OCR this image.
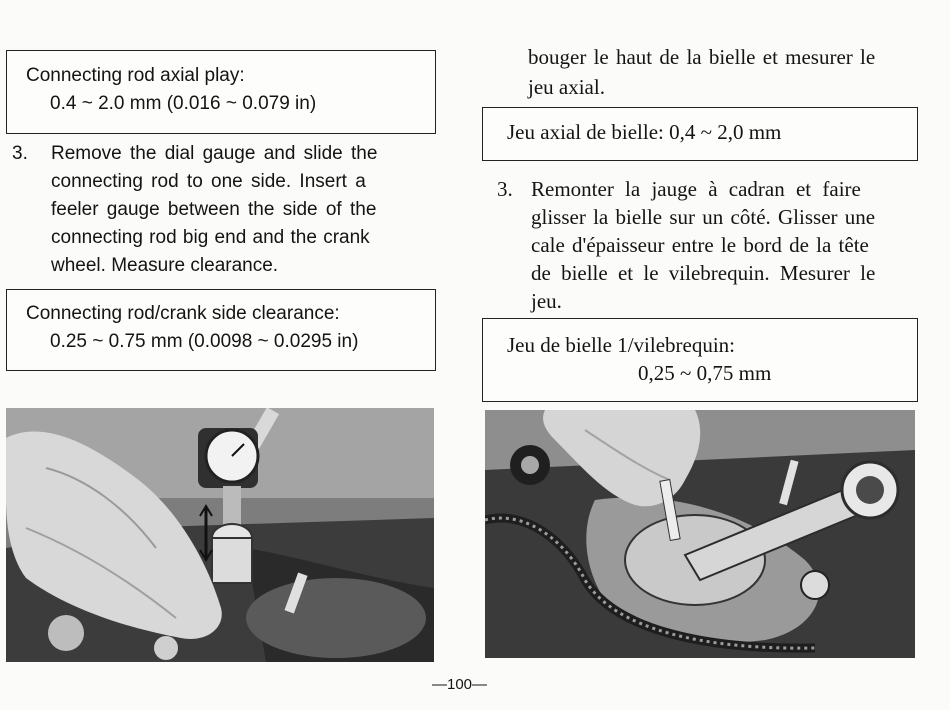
Connecting rod axial play:
0.4 ~ 2.0 mm (0.016 ~ 0.079 in)
3. Remove the dial gauge and slide the
connecting rod to one side. Insert a
feeler gauge between the side of the
connecting rod big end and the crank
wheel. Measure clearance.
Connecting rod/crank side clearance:
0.25 ~ 0.75 mm (0.0098 ~ 0.0295 in)
bouger le haut de la bielle et mesurer le
jeu axial.
Jeu axial de bielle: 0,4 ~ 2,0 mm
3. Remonter la jauge à cadran et faire
glisser la bielle sur un côté. Glisser une
cale d'épaisseur entre le bord de la tête
de bielle et le vilebrequin. Mesurer le
jeu.
Jeu de bielle 1/vilebrequin:
0,25 ~ 0,75 mm
—100—
